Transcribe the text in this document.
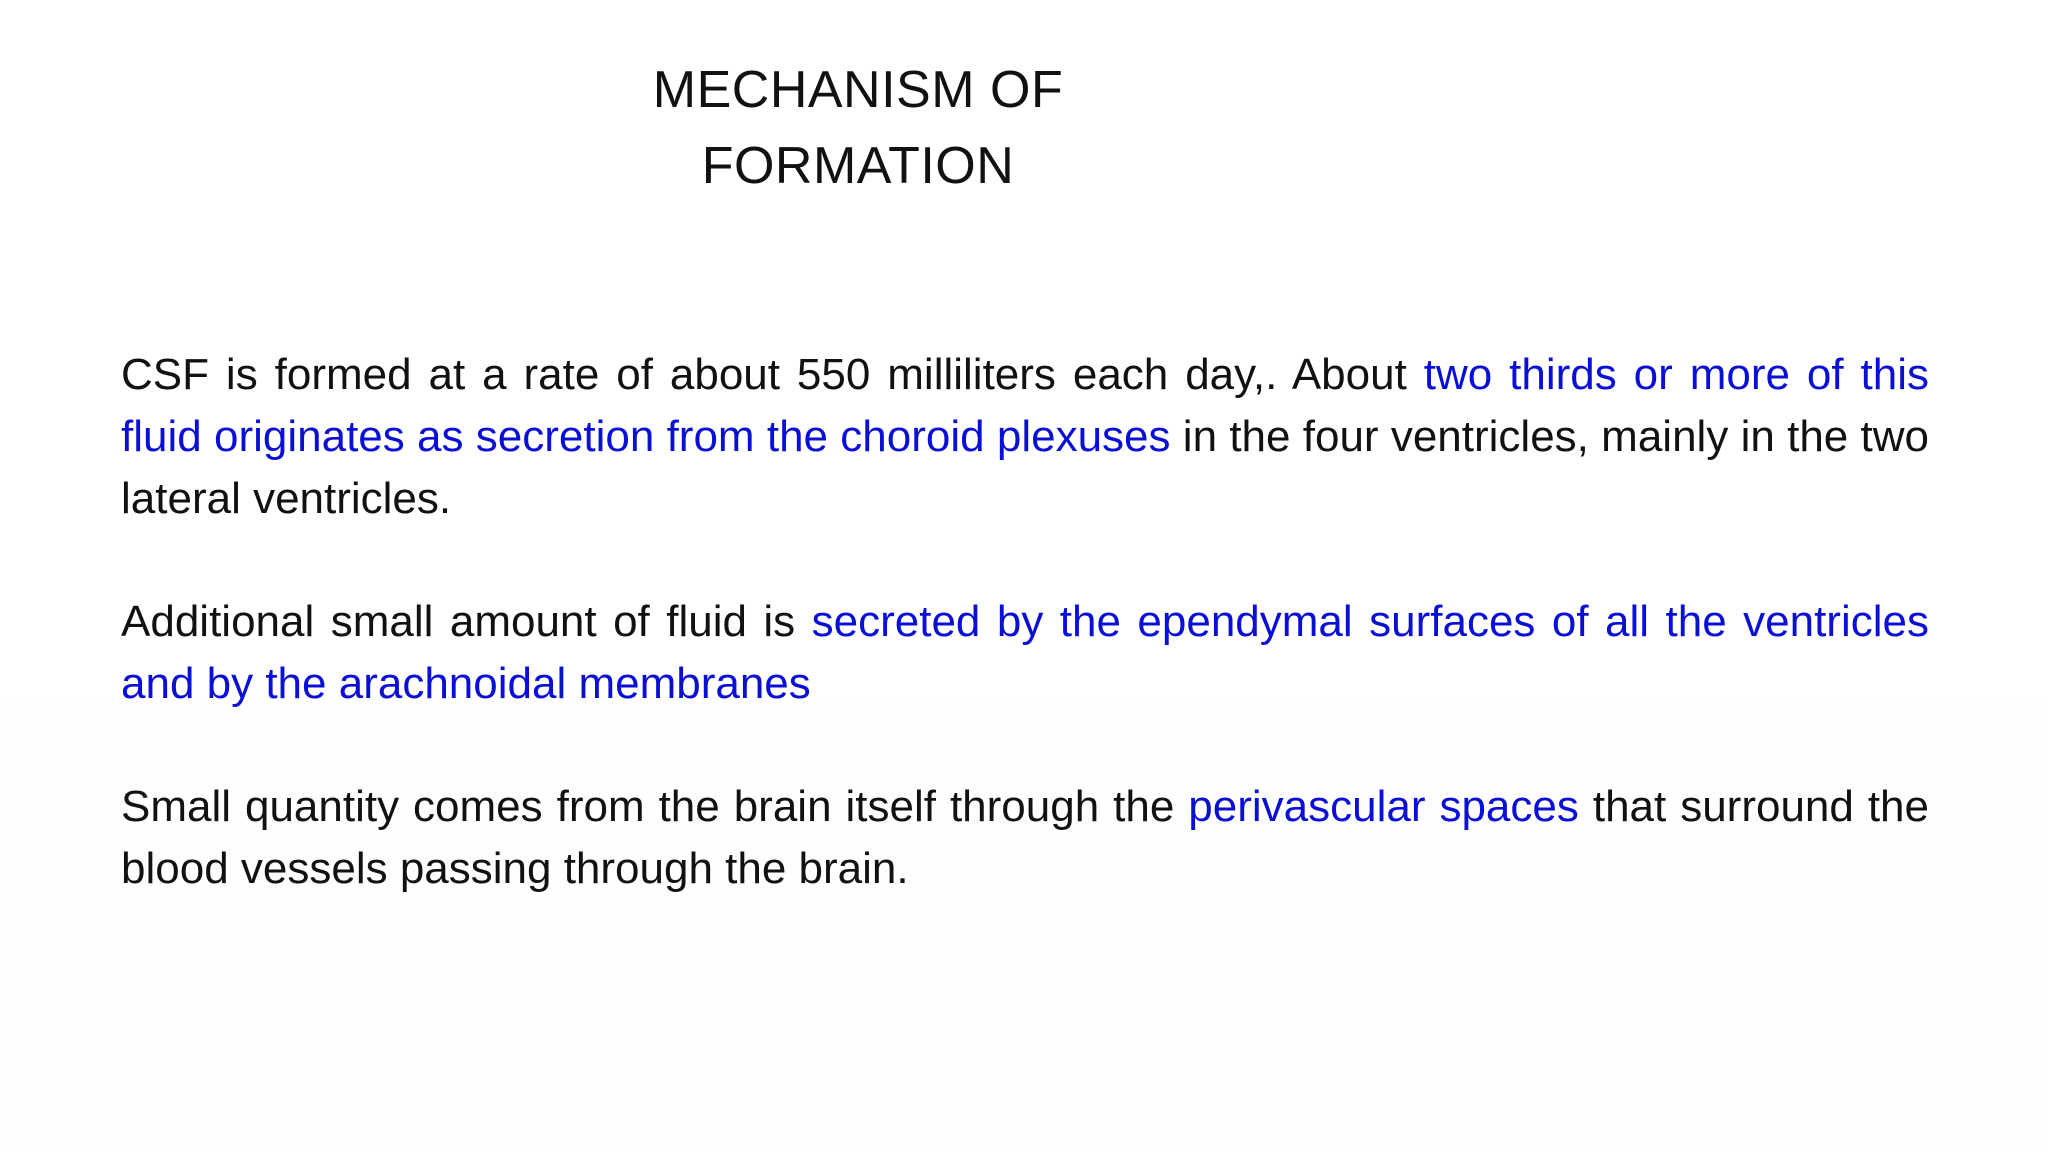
MECHANISM OF
FORMATION

CSF is formed at a rate of about 550 milliliters each day,. About two thirds or more of this fluid originates as secretion from the choroid plexuses in the four ventricles, mainly in the two lateral ventricles.

Additional small amount of fluid is secreted by the ependymal surfaces of all the ventricles and by the arachnoidal membranes

Small quantity comes from the brain itself through the perivascular spaces that surround the blood vessels passing through the brain.
